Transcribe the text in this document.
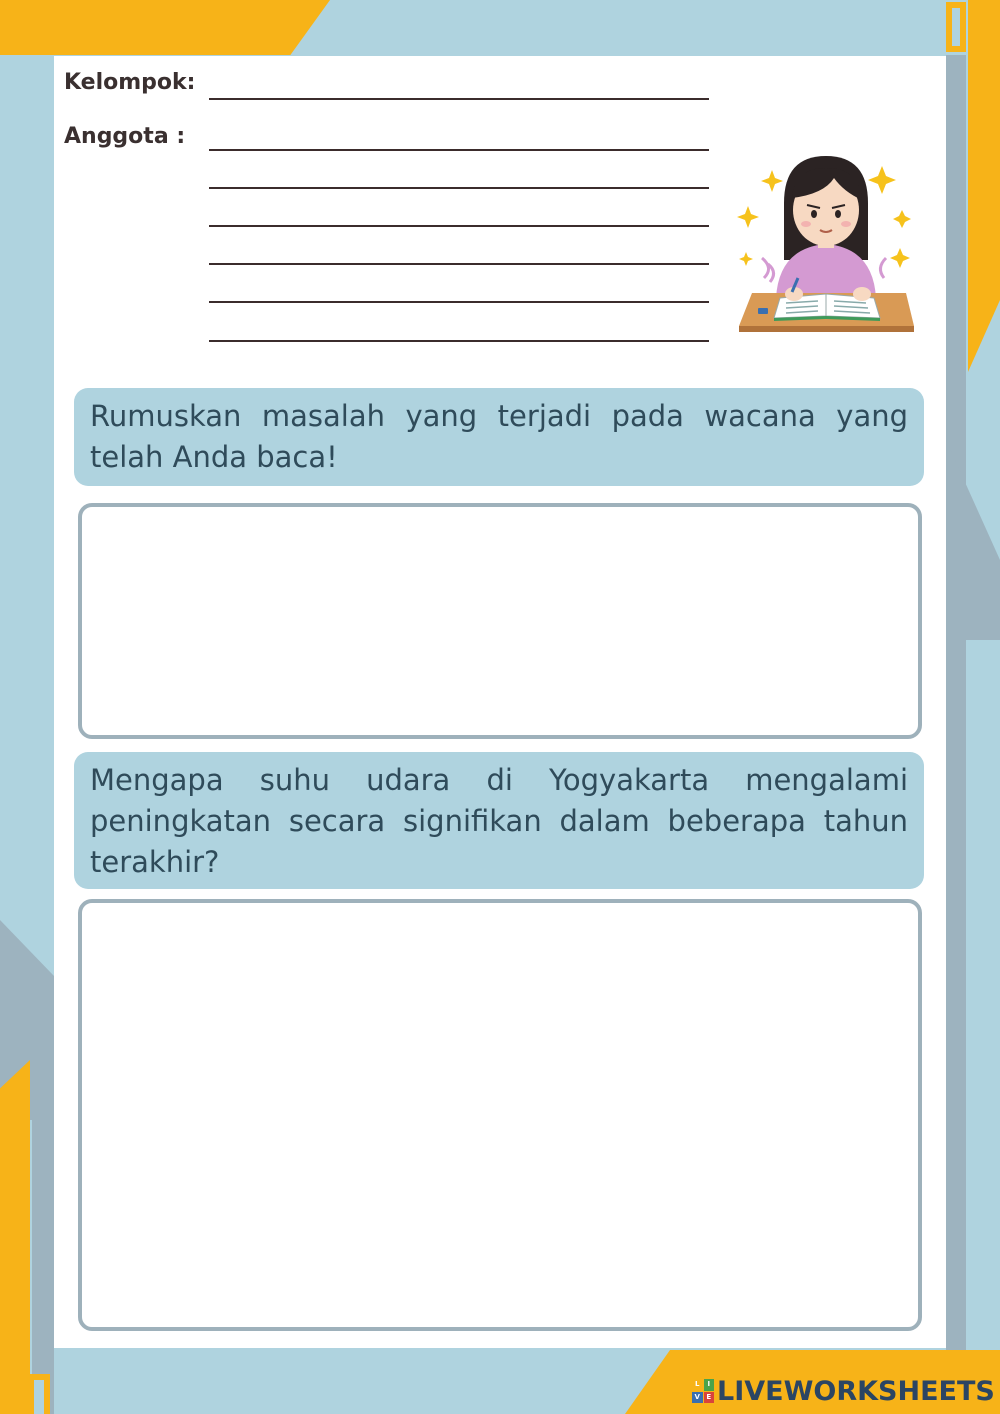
Kelompok:
Anggota :
Rumuskan masalah yang terjadi pada wacana yang telah Anda baca!
Mengapa suhu udara di Yogyakarta mengalami peningkatan secara signifikan dalam beberapa tahun terakhir?
L	I
V E LIVEWORKSHEETS
